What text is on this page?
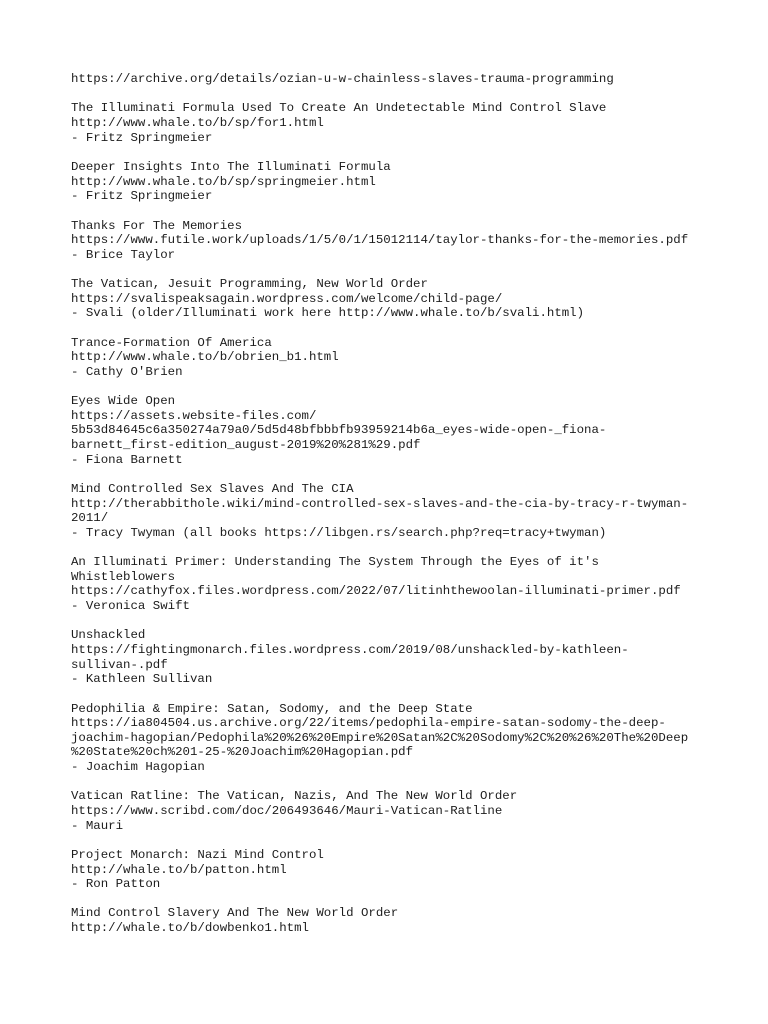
https://archive.org/details/ozian-u-w-chainless-slaves-trauma-programming
The Illuminati Formula Used To Create An Undetectable Mind Control Slave
http://www.whale.to/b/sp/for1.html
- Fritz Springmeier
Deeper Insights Into The Illuminati Formula
http://www.whale.to/b/sp/springmeier.html
- Fritz Springmeier
Thanks For The Memories
https://www.futile.work/uploads/1/5/0/1/15012114/taylor-thanks-for-the-memories.pdf
- Brice Taylor
The Vatican, Jesuit Programming, New World Order
https://svalispeaksagain.wordpress.com/welcome/child-page/
- Svali (older/Illuminati work here http://www.whale.to/b/svali.html)
Trance-Formation Of America
http://www.whale.to/b/obrien_b1.html
- Cathy O'Brien
Eyes Wide Open
https://assets.website-files.com/
5b53d84645c6a350274a79a0/5d5d48bfbbbfb93959214b6a_eyes-wide-open-_fiona-
barnett_first-edition_august-2019%20%281%29.pdf
- Fiona Barnett
Mind Controlled Sex Slaves And The CIA
http://therabbithole.wiki/mind-controlled-sex-slaves-and-the-cia-by-tracy-r-twyman-
2011/
- Tracy Twyman (all books https://libgen.rs/search.php?req=tracy+twyman)
An Illuminati Primer: Understanding The System Through the Eyes of it's
Whistleblowers
https://cathyfox.files.wordpress.com/2022/07/litinhthewoolan-illuminati-primer.pdf
- Veronica Swift
Unshackled
https://fightingmonarch.files.wordpress.com/2019/08/unshackled-by-kathleen-
sullivan-.pdf
- Kathleen Sullivan
Pedophilia & Empire: Satan, Sodomy, and the Deep State
https://ia804504.us.archive.org/22/items/pedophila-empire-satan-sodomy-the-deep-
joachim-hagopian/Pedophila%20%26%20Empire%20Satan%2C%20Sodomy%2C%20%26%20The%20Deep
%20State%20ch%201-25-%20Joachim%20Hagopian.pdf
- Joachim Hagopian
Vatican Ratline: The Vatican, Nazis, And The New World Order
https://www.scribd.com/doc/206493646/Mauri-Vatican-Ratline
- Mauri
Project Monarch: Nazi Mind Control
http://whale.to/b/patton.html
- Ron Patton
Mind Control Slavery And The New World Order
http://whale.to/b/dowbenko1.html
